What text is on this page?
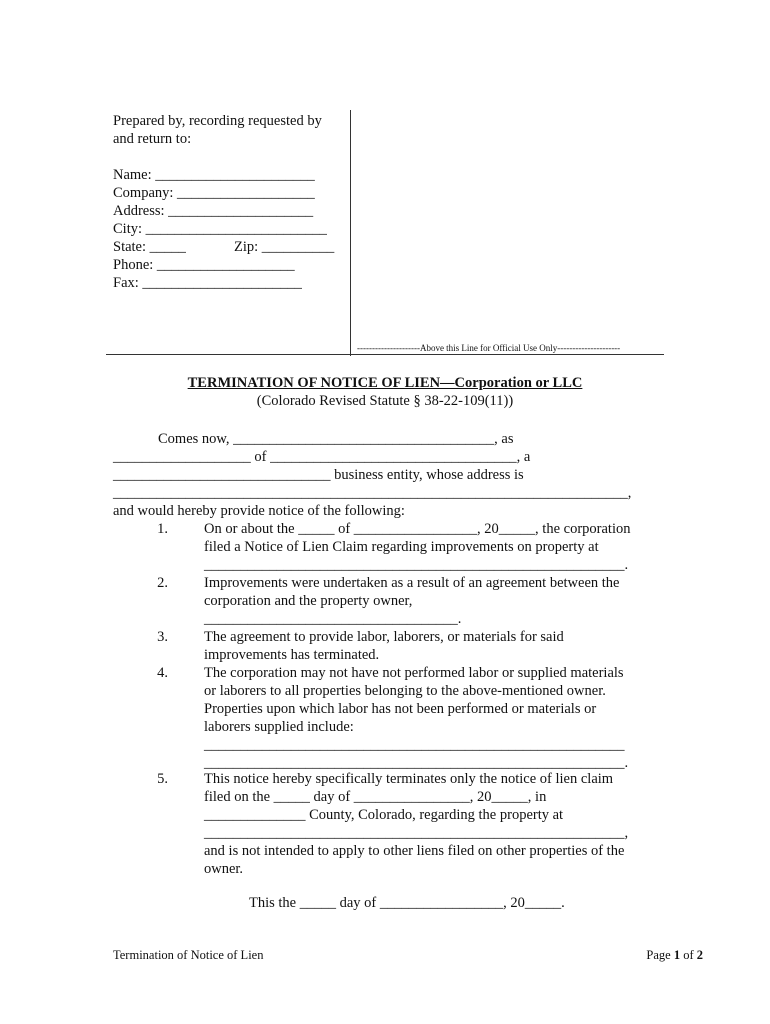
Prepared by, recording requested by
and return to:
Name: ______________________
Company: ___________________
Address: ____________________
City: _________________________
State: _____	Zip: __________
Phone: ___________________
Fax: ______________________
---------------------Above this Line for Official Use Only---------------------
TERMINATION OF NOTICE OF LIEN—Corporation or LLC
(Colorado Revised Statute § 38-22-109(11))
Comes now, ____________________________________, as
___________________ of __________________________________, a
______________________________ business entity, whose address is
_______________________________________________________________________,
and would hereby provide notice of the following:
1. On or about the _____ of _________________, 20_____, the corporation
filed a Notice of Lien Claim regarding improvements on property at
__________________________________________________________.
2. Improvements were undertaken as a result of an agreement between the
corporation and the property owner,
___________________________________.
3. The agreement to provide labor, laborers, or materials for said
improvements has terminated.
4. The corporation may not have not performed labor or supplied materials
or laborers to all properties belonging to the above-mentioned owner.
Properties upon which labor has not been performed or materials or
laborers supplied include:
__________________________________________________________
__________________________________________________________.
5. This notice hereby specifically terminates only the notice of lien claim
filed on the _____ day of ________________, 20_____, in
______________ County, Colorado, regarding the property at
__________________________________________________________,
and is not intended to apply to other liens filed on other properties of the
owner.
This the _____ day of _________________, 20_____.
Termination of Notice of Lien	Page 1 of 2
